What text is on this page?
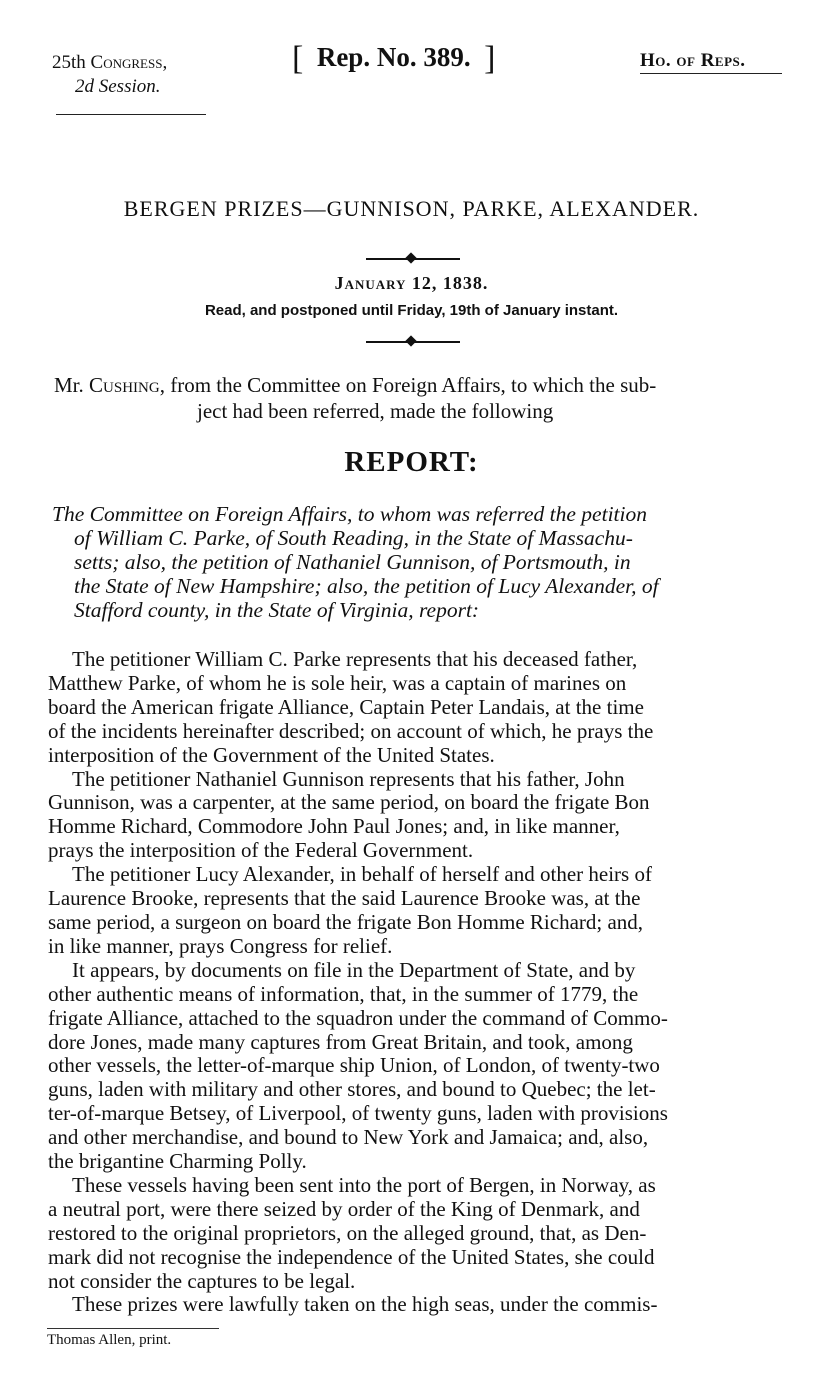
25th Congress,
2d Session.
[ Rep. No. 389. ]	Ho. of Reps.
BERGEN PRIZES—GUNNISON, PARKE, ALEXANDER.
January 12, 1838.
Read, and postponed until Friday, 19th of January instant.
Mr. Cushing, from the Committee on Foreign Affairs, to which the sub-
ject had been referred, made the following
REPORT:
The Committee on Foreign Affairs, to whom was referred the petition
of William C. Parke, of South Reading, in the State of Massachu-
setts; also, the petition of Nathaniel Gunnison, of Portsmouth, in
the State of New Hampshire; also, the petition of Lucy Alexander, of
Stafford county, in the State of Virginia, report:
The petitioner William C. Parke represents that his deceased father,
Matthew Parke, of whom he is sole heir, was a captain of marines on
board the American frigate Alliance, Captain Peter Landais, at the time
of the incidents hereinafter described; on account of which, he prays the
interposition of the Government of the United States.
The petitioner Nathaniel Gunnison represents that his father, John
Gunnison, was a carpenter, at the same period, on board the frigate Bon
Homme Richard, Commodore John Paul Jones; and, in like manner,
prays the interposition of the Federal Government.
The petitioner Lucy Alexander, in behalf of herself and other heirs of
Laurence Brooke, represents that the said Laurence Brooke was, at the
same period, a surgeon on board the frigate Bon Homme Richard; and,
in like manner, prays Congress for relief.
It appears, by documents on file in the Department of State, and by
other authentic means of information, that, in the summer of 1779, the
frigate Alliance, attached to the squadron under the command of Commo-
dore Jones, made many captures from Great Britain, and took, among
other vessels, the letter-of-marque ship Union, of London, of twenty-two
guns, laden with military and other stores, and bound to Quebec; the let-
ter-of-marque Betsey, of Liverpool, of twenty guns, laden with provisions
and other merchandise, and bound to New York and Jamaica; and, also,
the brigantine Charming Polly.
These vessels having been sent into the port of Bergen, in Norway, as
a neutral port, were there seized by order of the King of Denmark, and
restored to the original proprietors, on the alleged ground, that, as Den-
mark did not recognise the independence of the United States, she could
not consider the captures to be legal.
These prizes were lawfully taken on the high seas, under the commis-
Thomas Allen, print.
